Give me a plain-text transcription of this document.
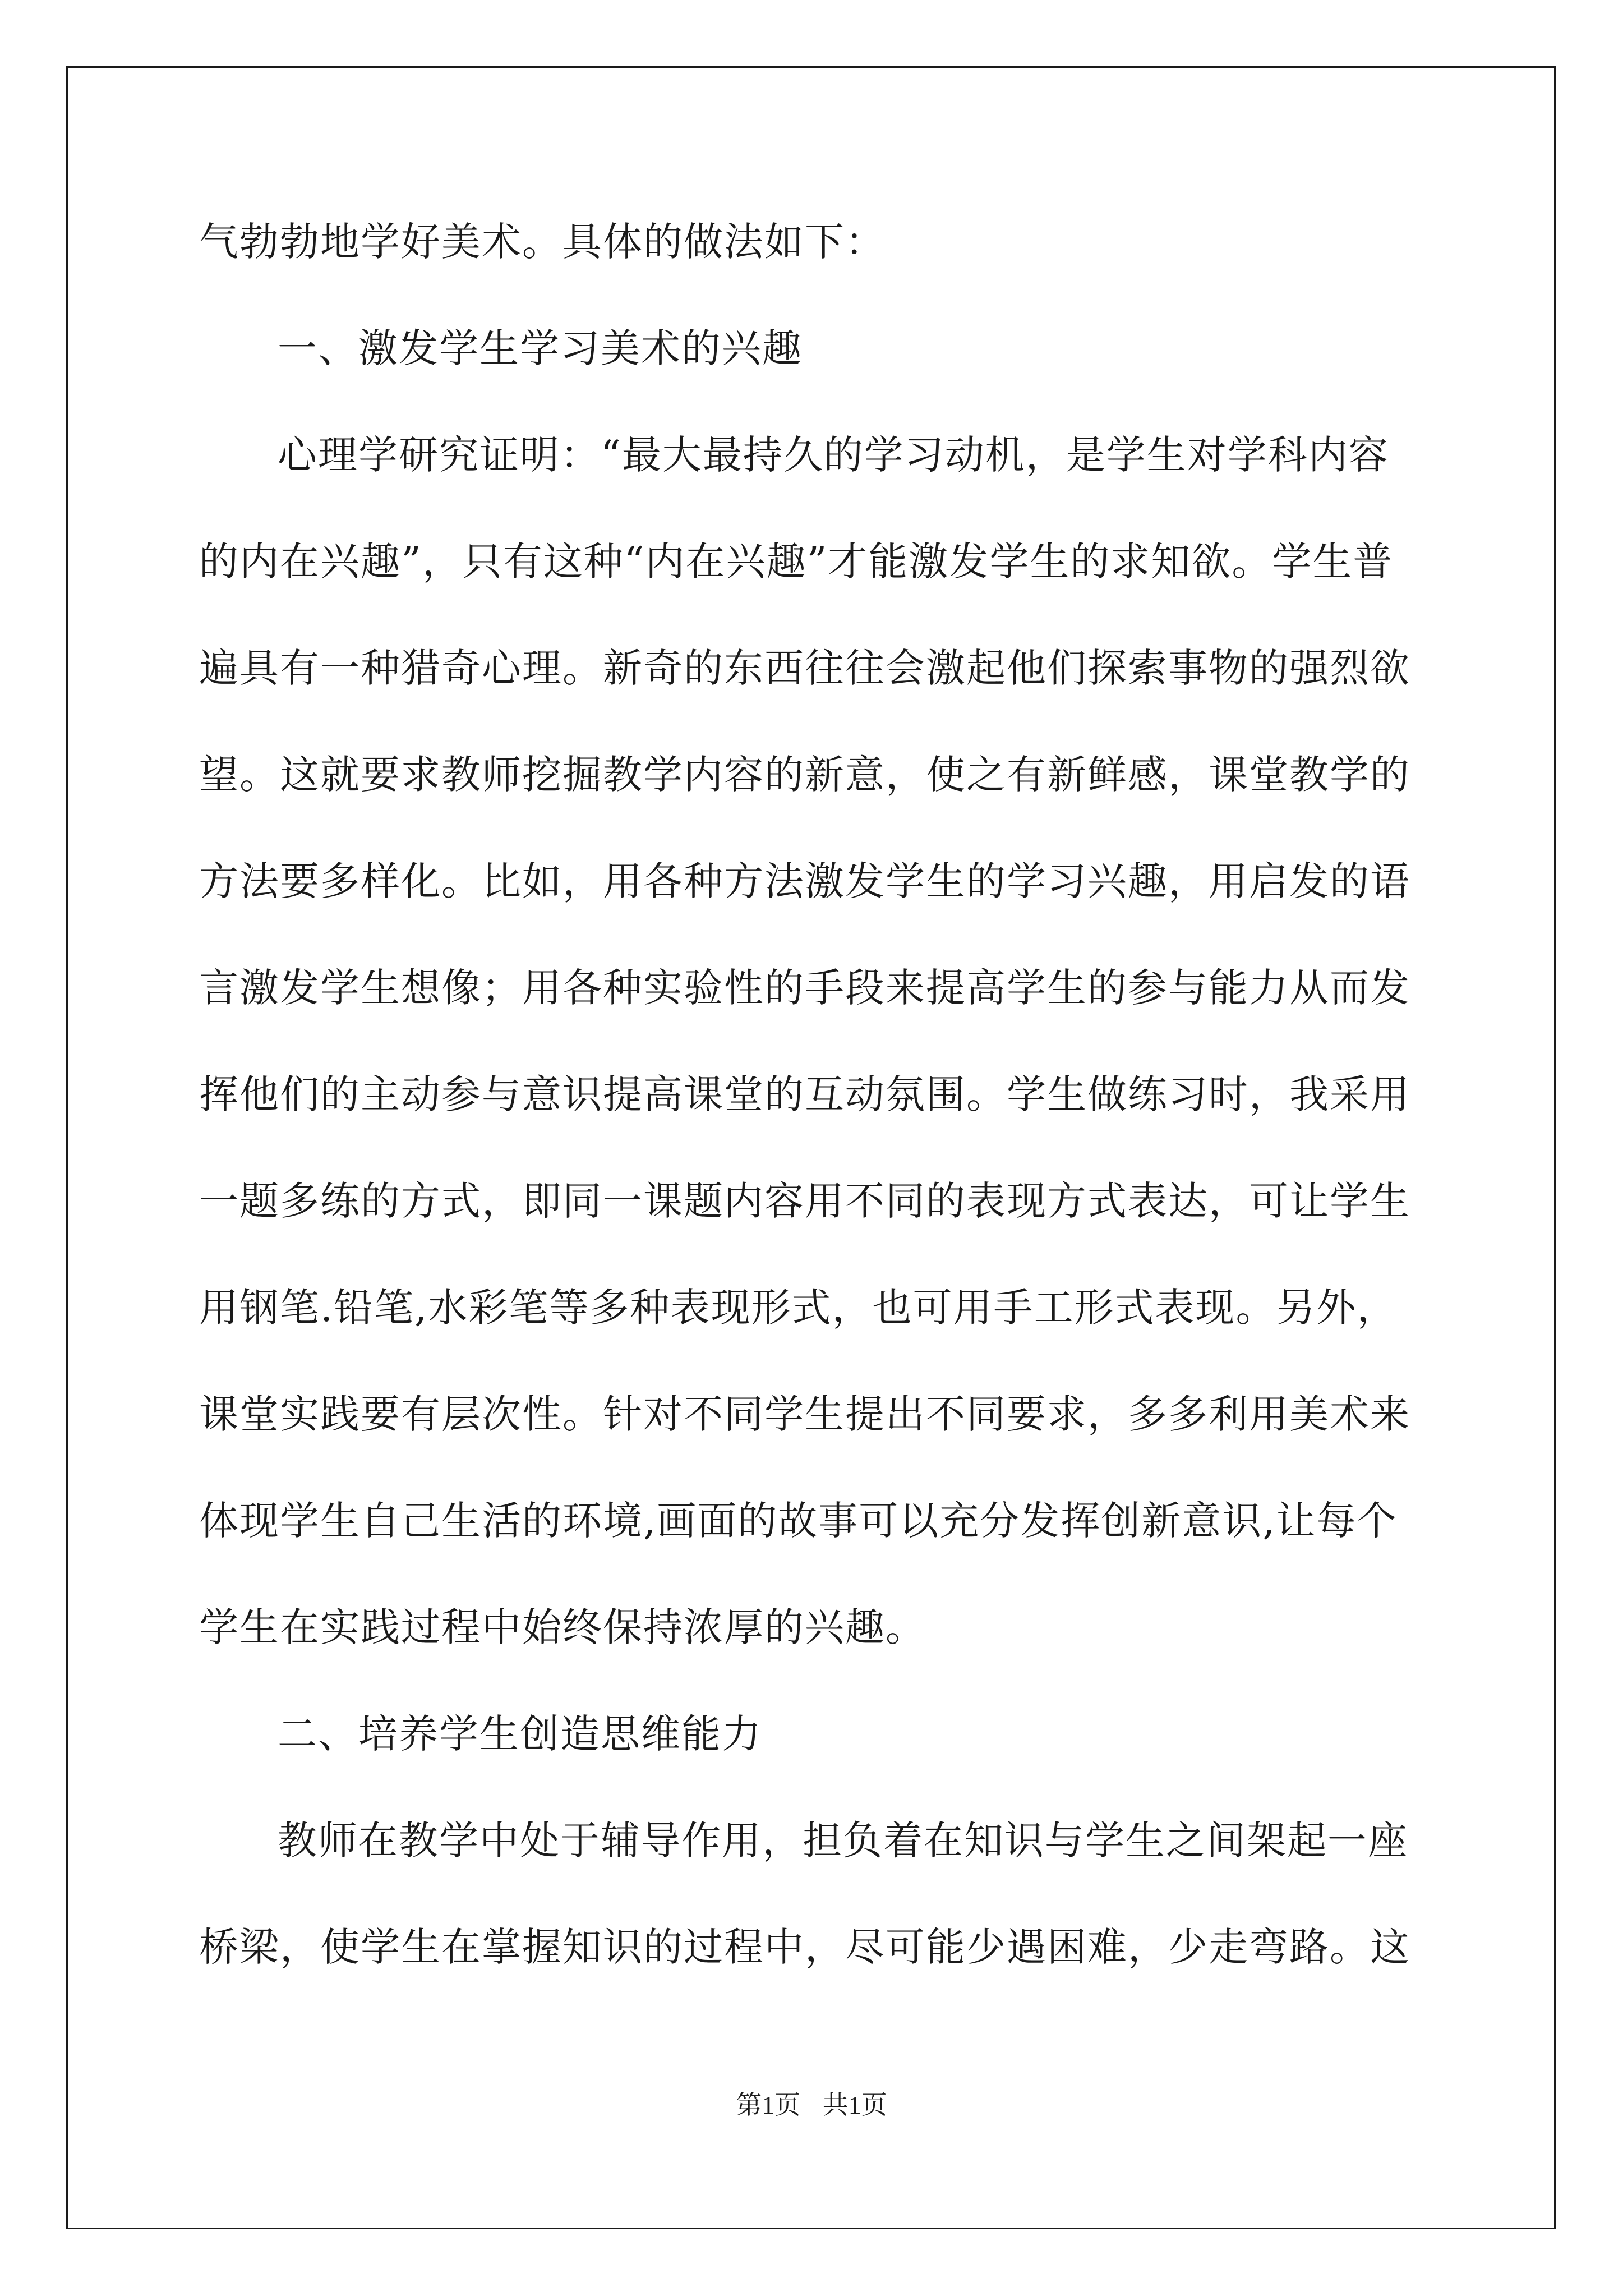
气勃勃地学好美术。具体的做法如下：
一、激发学生学习美术的兴趣
心理学研究证明：“最大最持久的学习动机，是学生对学科内容
的内在兴趣”，只有这种“内在兴趣”才能激发学生的求知欲。学生普
遍具有一种猎奇心理。新奇的东西往往会激起他们探索事物的强烈欲
望。这就要求教师挖掘教学内容的新意，使之有新鲜感，课堂教学的
方法要多样化。比如，用各种方法激发学生的学习兴趣，用启发的语
言激发学生想像；用各种实验性的手段来提高学生的参与能力从而发
挥他们的主动参与意识提高课堂的互动氛围。学生做练习时，我采用
一题多练的方式，即同一课题内容用不同的表现方式表达，可让学生
用钢笔.铅笔,水彩笔等多种表现形式，也可用手工形式表现。另外，
课堂实践要有层次性。针对不同学生提出不同要求，多多利用美术来
体现学生自己生活的环境,画面的故事可以充分发挥创新意识,让每个
学生在实践过程中始终保持浓厚的兴趣。
二、培养学生创造思维能力
教师在教学中处于辅导作用，担负着在知识与学生之间架起一座
桥梁，使学生在掌握知识的过程中，尽可能少遇困难，少走弯路。这
第1页 共1页
